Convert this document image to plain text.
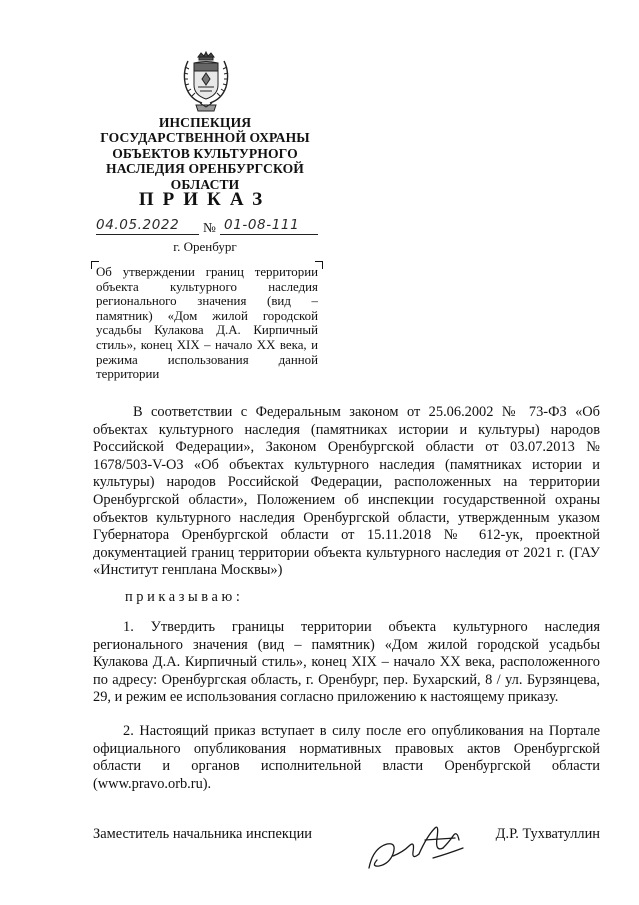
ИНСПЕКЦИЯ
ГОСУДАРСТВЕННОЙ ОХРАНЫ
ОБЪЕКТОВ КУЛЬТУРНОГО
НАСЛЕДИЯ ОРЕНБУРГСКОЙ
ОБЛАСТИ
ПРИКАЗ
04.05.2022 № 01-08-111
г. Оренбург

Об утверждении границ территории объекта культурного наследия регионального значения (вид – памятник) «Дом жилой городской усадьбы Кулакова Д.А. Кирпичный стиль», конец XIX – начало XX века, и режима использования данной территории

В соответствии с Федеральным законом от 25.06.2002 № 73-ФЗ «Об объектах культурного наследия (памятниках истории и культуры) народов Российской Федерации», Законом Оренбургской области от 03.07.2013 № 1678/503-V-ОЗ «Об объектах культурного наследия (памятниках истории и культуры) народов Российской Федерации, расположенных на территории Оренбургской области», Положением об инспекции государственной охраны объектов культурного наследия Оренбургской области, утвержденным указом Губернатора Оренбургской области от 15.11.2018 № 612-ук, проектной документацией границ территории объекта культурного наследия от 2021 г. (ГАУ «Институт генплана Москвы»)

приказываю:

1. Утвердить границы территории объекта культурного наследия регионального значения (вид – памятник) «Дом жилой городской усадьбы Кулакова Д.А. Кирпичный стиль», конец XIX – начало XX века, расположенного по адресу: Оренбургская область, г. Оренбург, пер. Бухарский, 8 / ул. Бурзянцева, 29, и режим ее использования согласно приложению к настоящему приказу.

2. Настоящий приказ вступает в силу после его опубликования на Портале официального опубликования нормативных правовых актов Оренбургской области и органов исполнительной власти Оренбургской области (www.pravo.orb.ru).

Заместитель начальника инспекции	Д.Р. Тухватуллин
